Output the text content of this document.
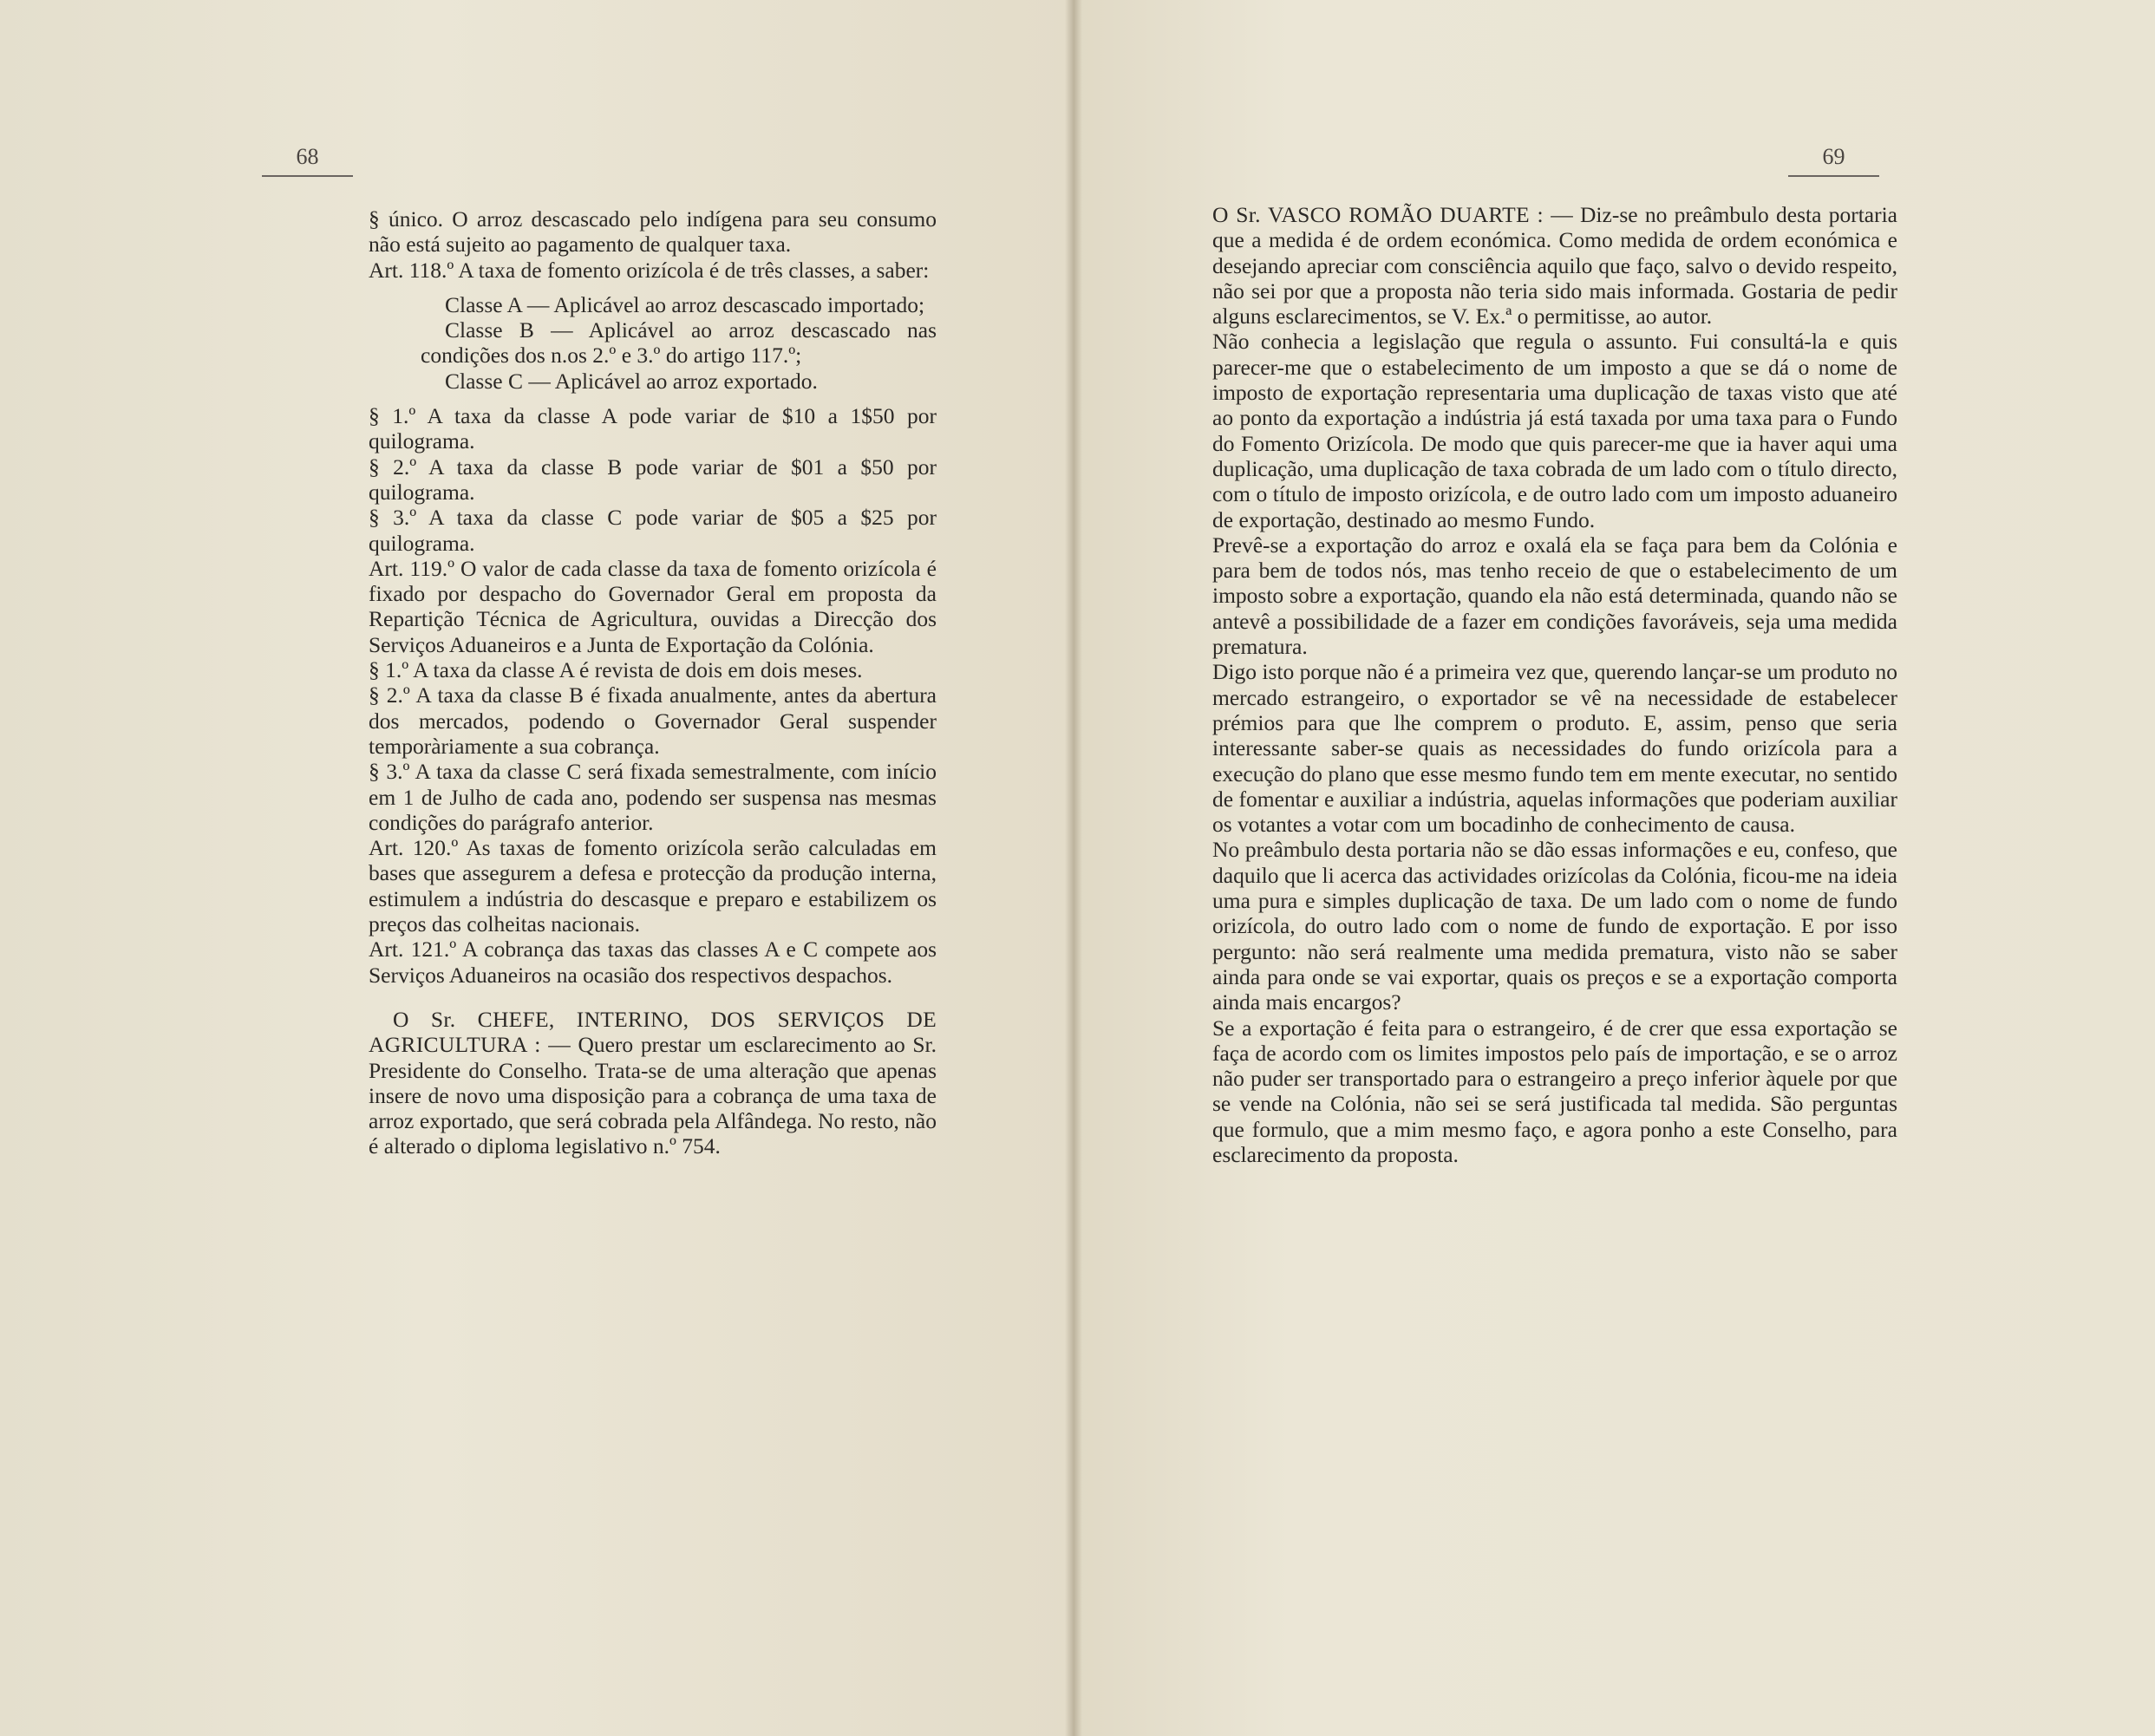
68

§ único. O arroz descascado pelo indígena para seu consumo não está sujeito ao pagamento de qualquer taxa.

Art. 118.º A taxa de fomento orizícola é de três classes, a saber:

Classe A — Aplicável ao arroz descascado importado;
Classe B — Aplicável ao arroz descascado nas condições dos n.os 2.º e 3.º do artigo 117.º;
Classe C — Aplicável ao arroz exportado.

§ 1.º A taxa da classe A pode variar de $10 a 1$50 por quilograma.

§ 2.º A taxa da classe B pode variar de $01 a $50 por quilograma.

§ 3.º A taxa da classe C pode variar de $05 a $25 por quilograma.

Art. 119.º O valor de cada classe da taxa de fomento orizícola é fixado por despacho do Governador Geral em proposta da Repartição Técnica de Agricultura, ouvidas a Direcção dos Serviços Aduaneiros e a Junta de Exportação da Colónia.

§ 1.º A taxa da classe A é revista de dois em dois meses.

§ 2.º A taxa da classe B é fixada anualmente, antes da abertura dos mercados, podendo o Governador Geral suspender temporàriamente a sua cobrança.

§ 3.º A taxa da classe C será fixada semestralmente, com início em 1 de Julho de cada ano, podendo ser suspensa nas mesmas condições do parágrafo anterior.

Art. 120.º As taxas de fomento orizícola serão calculadas em bases que assegurem a defesa e protecção da produção interna, estimulem a indústria do descasque e preparo e estabilizem os preços das colheitas nacionais.

Art. 121.º A cobrança das taxas das classes A e C compete aos Serviços Aduaneiros na ocasião dos respectivos despachos.

O Sr. CHEFE, INTERINO, DOS SERVIÇOS DE AGRICULTURA : — Quero prestar um esclarecimento ao Sr. Presidente do Conselho. Trata-se de uma alteração que apenas insere de novo uma disposição para a cobrança de uma taxa de arroz exportado, que será cobrada pela Alfândega. No resto, não é alterado o diploma legislativo n.º 754.

69

O Sr. VASCO ROMÃO DUARTE : — Diz-se no preâmbulo desta portaria que a medida é de ordem económica. Como medida de ordem económica e desejando apreciar com consciência aquilo que faço, salvo o devido respeito, não sei por que a proposta não teria sido mais informada. Gostaria de pedir alguns esclarecimentos, se V. Ex.ª o permitisse, ao autor.

Não conhecia a legislação que regula o assunto. Fui consultá-la e quis parecer-me que o estabelecimento de um imposto a que se dá o nome de imposto de exportação representaria uma duplicação de taxas visto que até ao ponto da exportação a indústria já está taxada por uma taxa para o Fundo do Fomento Orizícola. De modo que quis parecer-me que ia haver aqui uma duplicação, uma duplicação de taxa cobrada de um lado com o título directo, com o título de imposto orizícola, e de outro lado com um imposto aduaneiro de exportação, destinado ao mesmo Fundo.

Prevê-se a exportação do arroz e oxalá ela se faça para bem da Colónia e para bem de todos nós, mas tenho receio de que o estabelecimento de um imposto sobre a exportação, quando ela não está determinada, quando não se antevê a possibilidade de a fazer em condições favoráveis, seja uma medida prematura.

Digo isto porque não é a primeira vez que, querendo lançar-se um produto no mercado estrangeiro, o exportador se vê na necessidade de estabelecer prémios para que lhe comprem o produto. E, assim, penso que seria interessante saber-se quais as necessidades do fundo orizícola para a execução do plano que esse mesmo fundo tem em mente executar, no sentido de fomentar e auxiliar a indústria, aquelas informações que poderiam auxiliar os votantes a votar com um bocadinho de conhecimento de causa.

No preâmbulo desta portaria não se dão essas informações e eu, confeso, que daquilo que li acerca das actividades orizícolas da Colónia, ficou-me na ideia uma pura e simples duplicação de taxa. De um lado com o nome de fundo orizícola, do outro lado com o nome de fundo de exportação. E por isso pergunto: não será realmente uma medida prematura, visto não se saber ainda para onde se vai exportar, quais os preços e se a exportação comporta ainda mais encargos?

Se a exportação é feita para o estrangeiro, é de crer que essa exportação se faça de acordo com os limites impostos pelo país de importação, e se o arroz não puder ser transportado para o estrangeiro a preço inferior àquele por que se vende na Colónia, não sei se será justificada tal medida. São perguntas que formulo, que a mim mesmo faço, e agora ponho a este Conselho, para esclarecimento da proposta.
